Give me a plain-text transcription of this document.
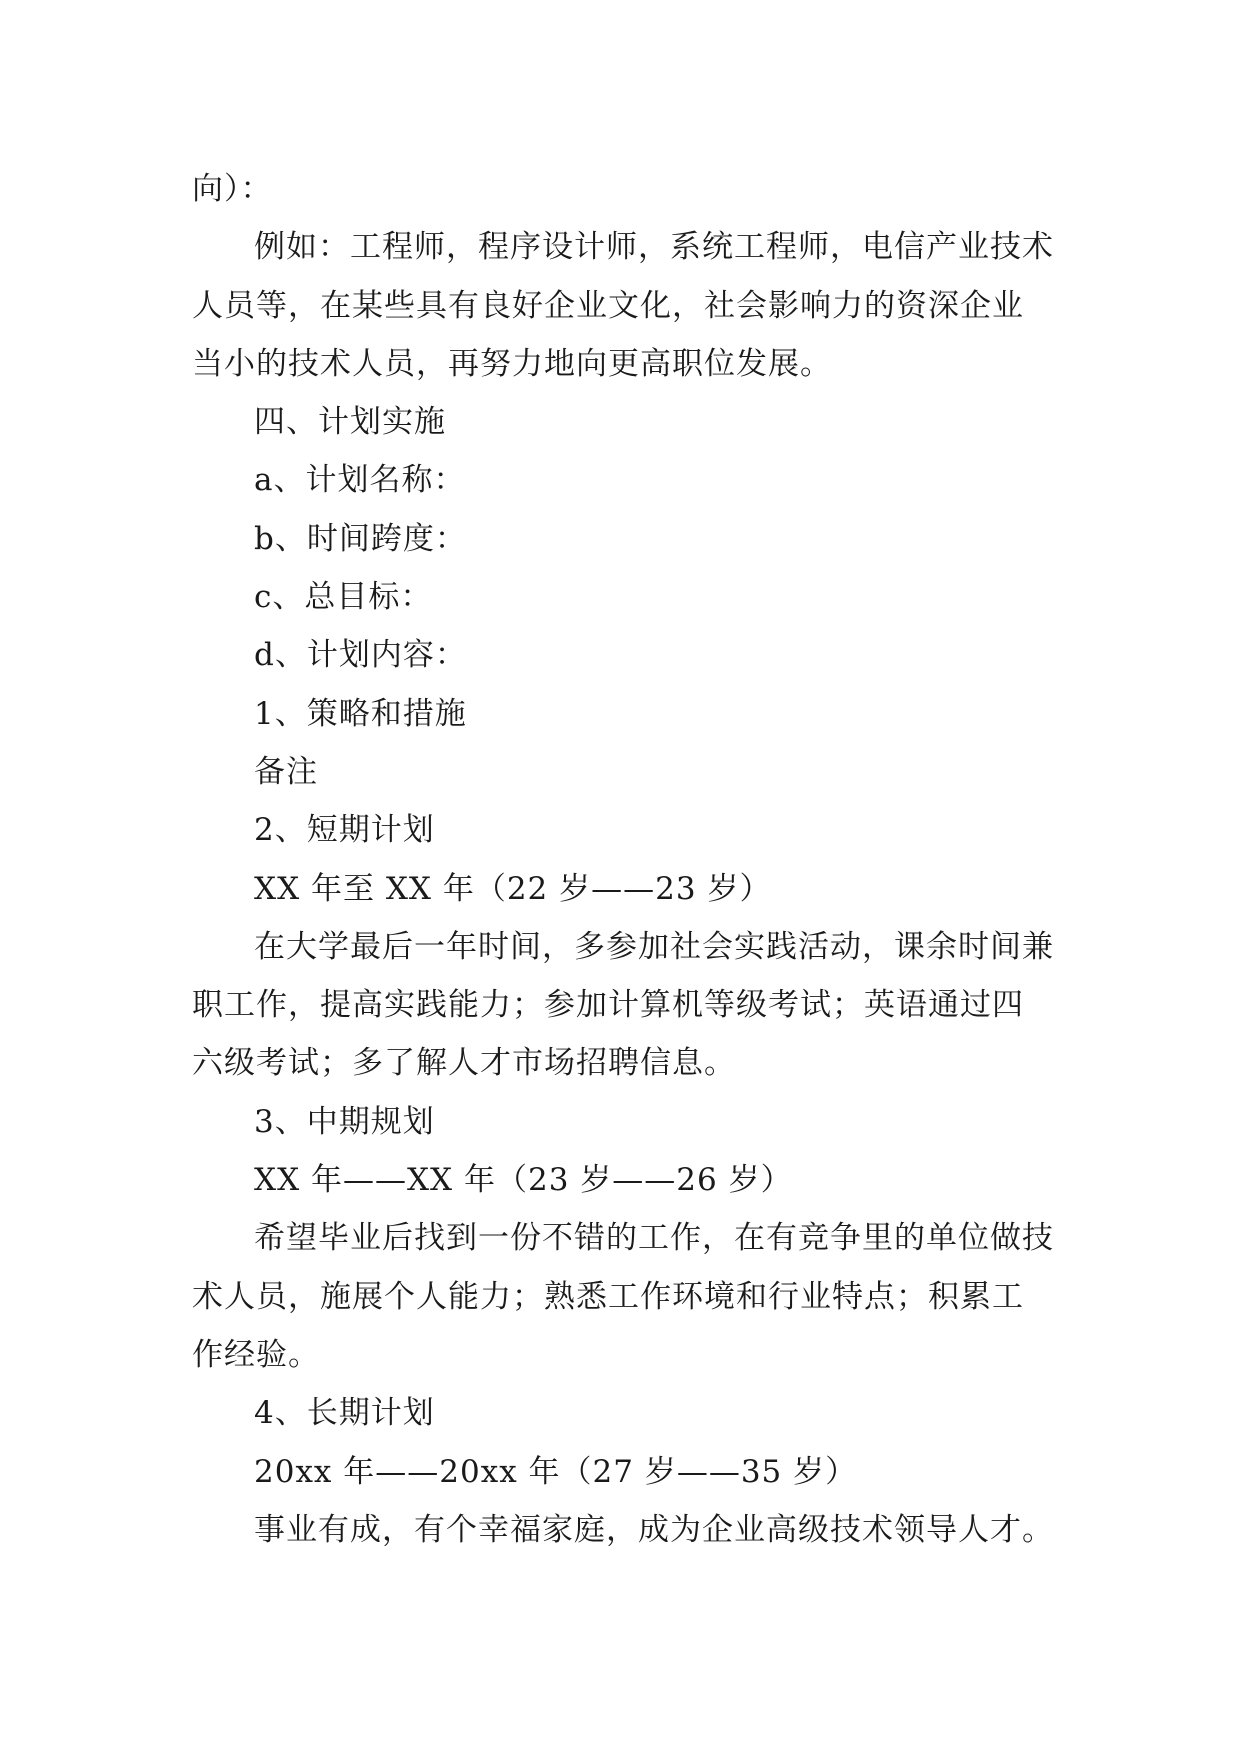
向）：

例如：工程师，程序设计师，系统工程师，电信产业技术人员等，在某些具有良好企业文化，社会影响力的资深企业当小的技术人员，再努力地向更高职位发展。

四、计划实施

a、计划名称：

b、时间跨度：

c、总目标：

d、计划内容：

1、策略和措施

备注

2、短期计划

XX 年至 XX 年（22 岁——23 岁）

在大学最后一年时间，多参加社会实践活动，课余时间兼职工作，提高实践能力；参加计算机等级考试；英语通过四六级考试；多了解人才市场招聘信息。

3、中期规划

XX 年——XX 年（23 岁——26 岁）

希望毕业后找到一份不错的工作，在有竞争里的单位做技术人员，施展个人能力；熟悉工作环境和行业特点；积累工作经验。

4、长期计划

20xx 年——20xx 年（27 岁——35 岁）

事业有成，有个幸福家庭，成为企业高级技术领导人才。
